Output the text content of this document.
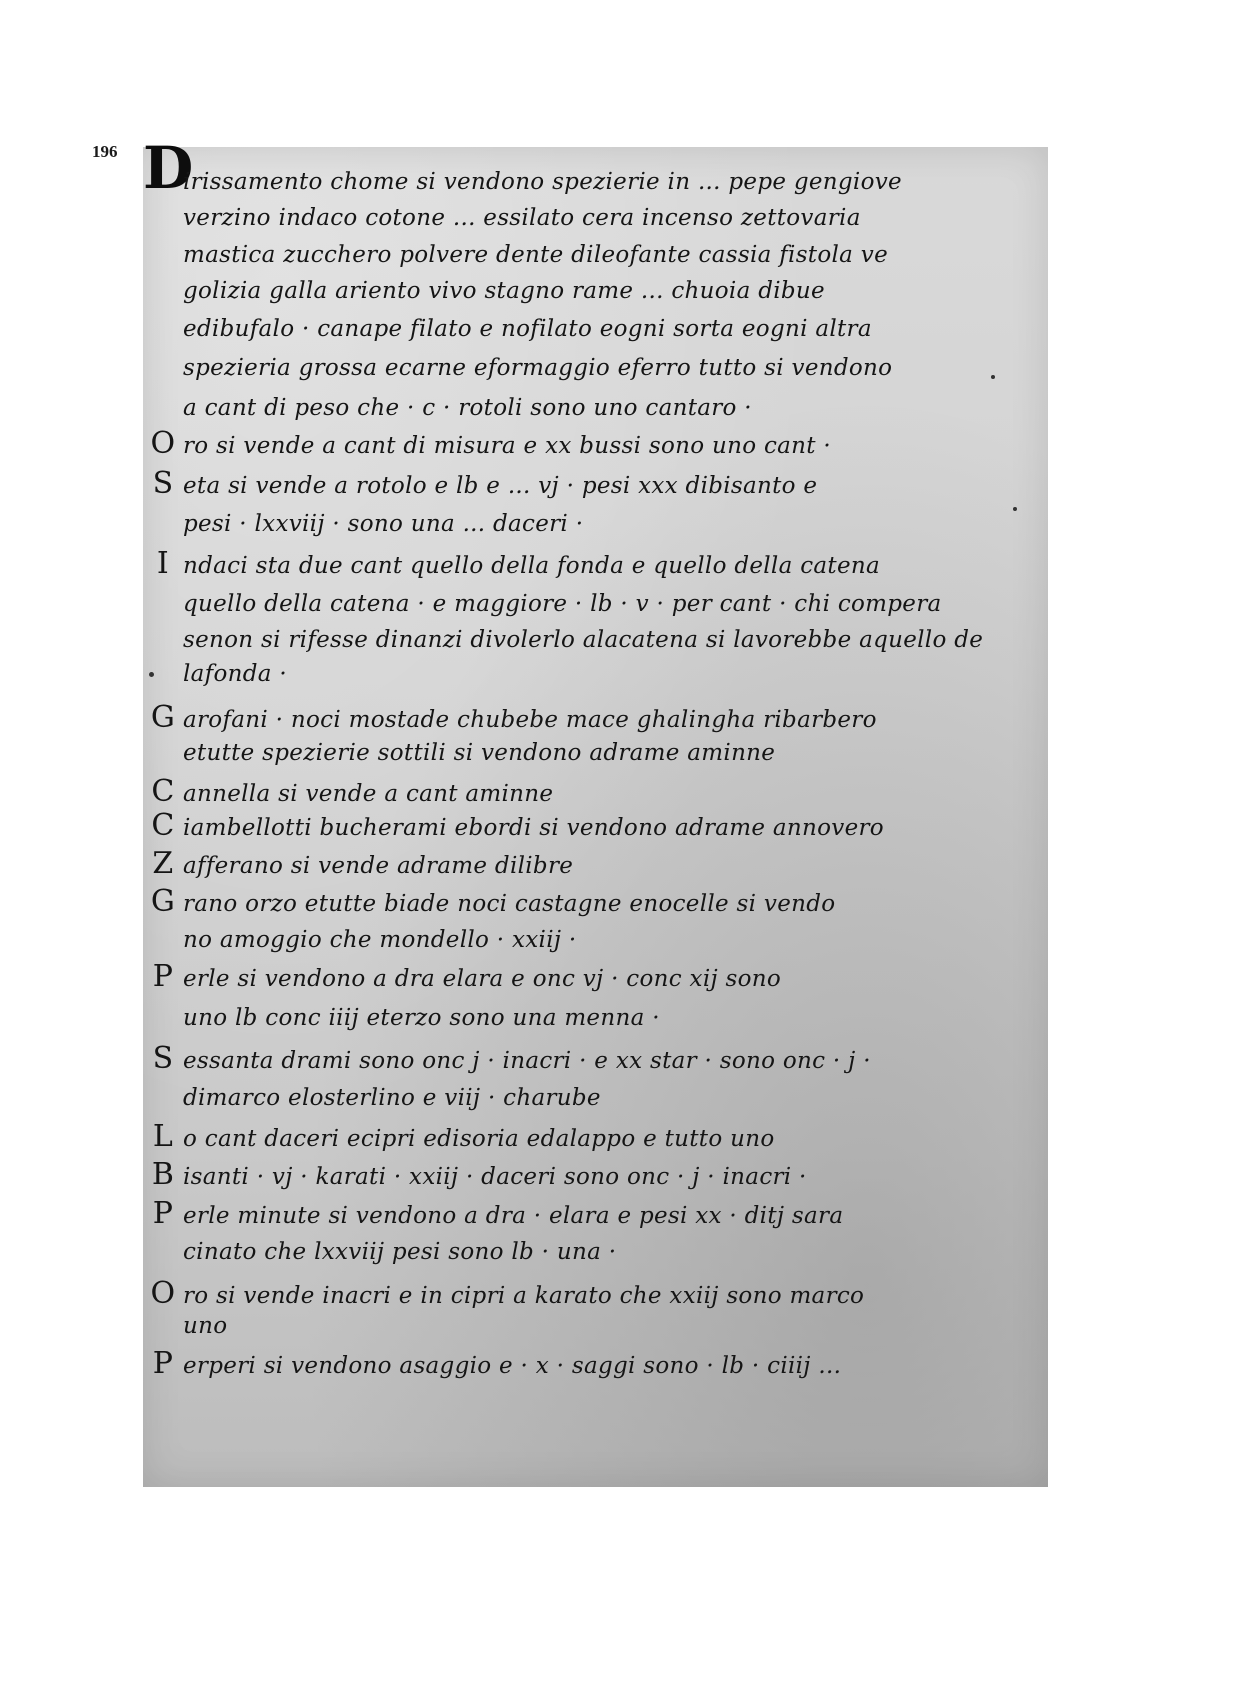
196 D
irissamento chome si vendono spezierie in ... pepe gengiove
verzino indaco cotone ... essilato cera incenso zettovaria
mastica zucchero polvere dente dileofante cassia fistola ve
golizia galla ariento vivo stagno rame ... chuoia dibue
edibufalo · canape filato e nofilato eogni sorta eogni altra
spezieria grossa ecarne eformaggio eferro tutto si vendono
a cant di peso che · c · rotoli sono uno cantaro ·
O ro si vende a cant di misura e xx bussi sono uno cant ·
S eta si vende a rotolo e lb e ... vj · pesi xxx dibisanto e
pesi · lxxviij · sono una ... daceri ·
I ndaci sta due cant quello della fonda e quello della catena
quello della catena · e maggiore · lb · v · per cant · chi compera
senon si rifesse dinanzi divolerlo alacatena si lavorebbe aquello de
lafonda ·
G arofani · noci mostade chubebe mace ghalingha ribarbero
etutte spezierie sottili si vendono adrame aminne
C annella si vende a cant aminne
C iambellotti bucherami ebordi si vendono adrame annovero
Z afferano si vende adrame dilibre
G rano orzo etutte biade noci castagne enocelle si vendo
no amoggio che mondello · xxiij ·
P erle si vendono a dra elara e onc vj · conc xij sono
uno lb conc iiij eterzo sono una menna ·
S essanta drami sono onc j · inacri · e xx star · sono onc · j ·
dimarco elosterlino e viij · charube
L o cant daceri ecipri edisoria edalappo e tutto uno
B isanti · vj · karati · xxiij · daceri sono onc · j · inacri ·
P erle minute si vendono a dra · elara e pesi xx · ditj sara
cinato che lxxviij pesi sono lb · una ·
O ro si vende inacri e in cipri a karato che xxiij sono marco
uno
P erperi si vendono asaggio e · x · saggi sono · lb · ciiij ...
